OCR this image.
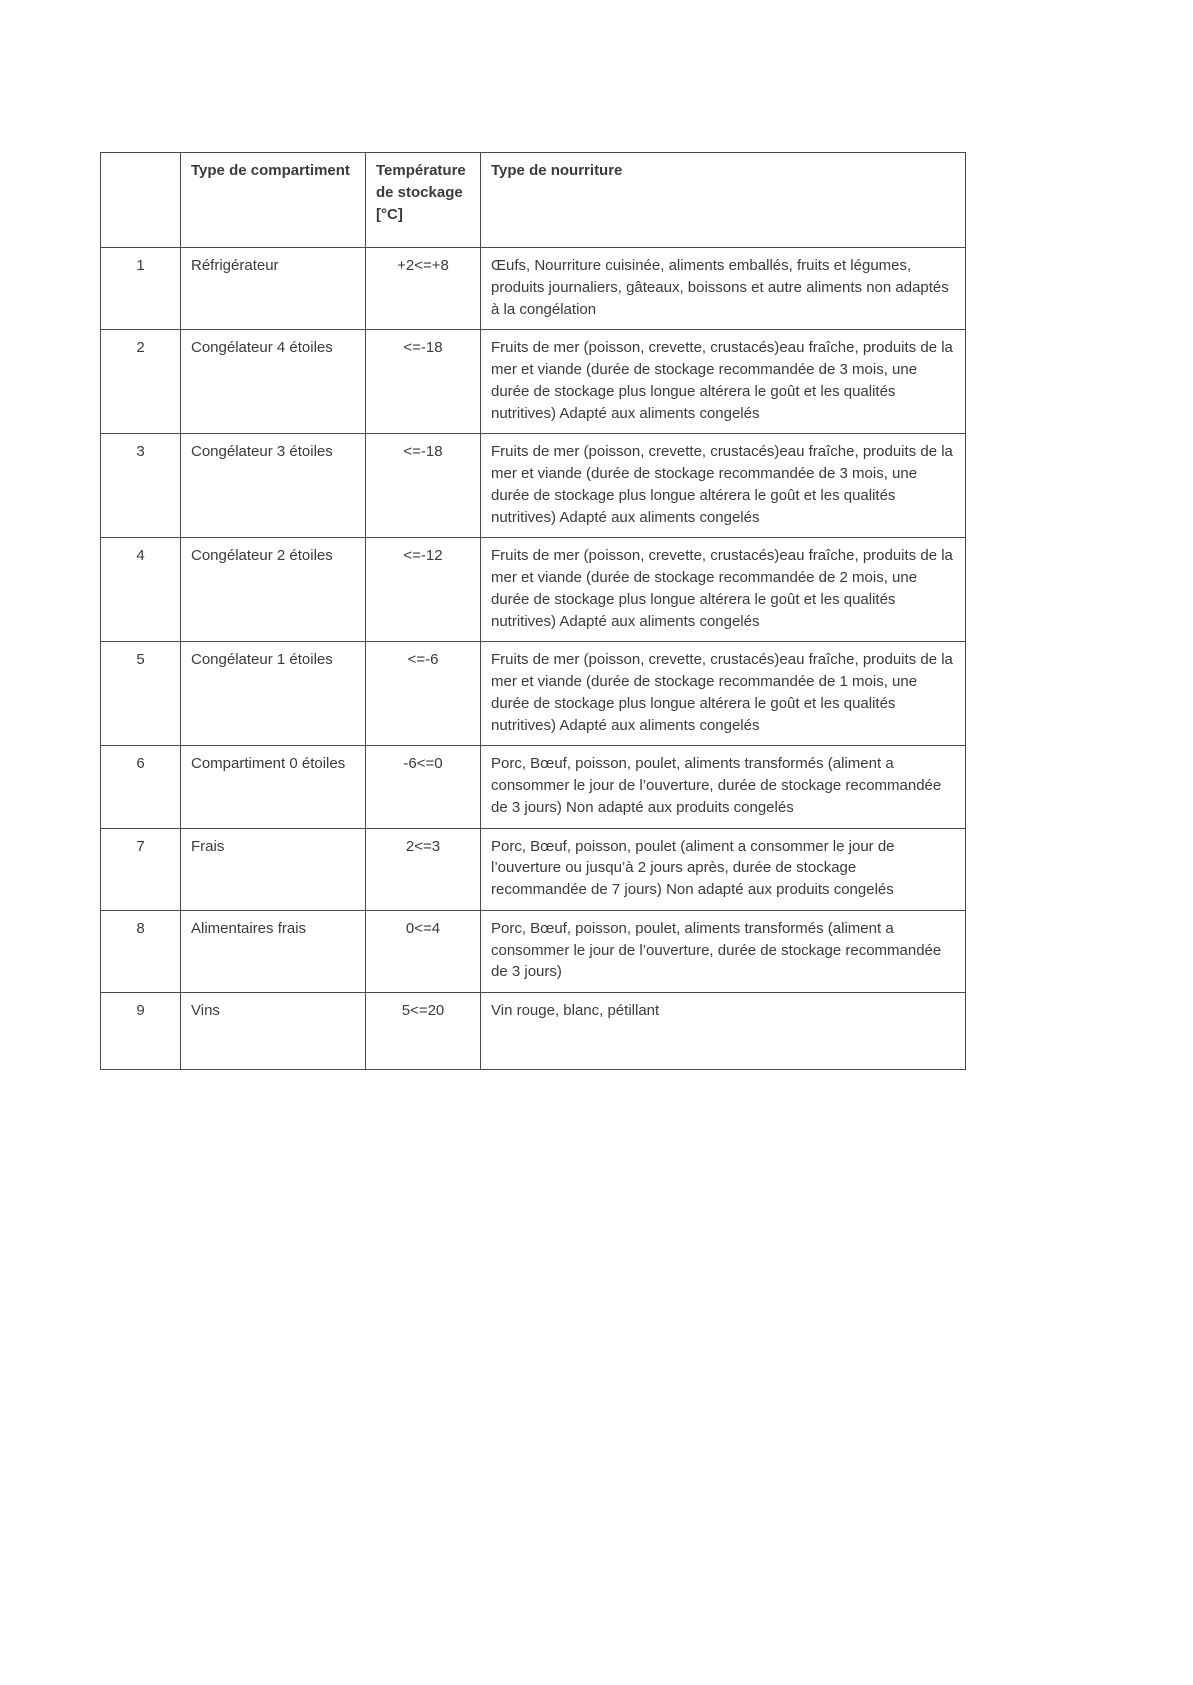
	Type de compartiment	Température de stockage [°C]	Type de nourriture
1	Réfrigérateur	+2<=+8	Œufs, Nourriture cuisinée, aliments emballés, fruits et légumes, produits journaliers, gâteaux, boissons et autre aliments non adaptés à la congélation
2	Congélateur 4 étoiles	<=-18	Fruits de mer (poisson, crevette, crustacés)eau fraîche, produits de la mer et viande (durée de stockage recommandée de 3 mois, une durée de stockage plus longue altérera le goût et les qualités nutritives) Adapté aux aliments congelés
3	Congélateur 3 étoiles	<=-18	Fruits de mer (poisson, crevette, crustacés)eau fraîche, produits de la mer et viande (durée de stockage recommandée de 3 mois, une durée de stockage plus longue altérera le goût et les qualités nutritives) Adapté aux aliments congelés
4	Congélateur 2 étoiles	<=-12	Fruits de mer (poisson, crevette, crustacés)eau fraîche, produits de la mer et viande (durée de stockage recommandée de 2 mois, une durée de stockage plus longue altérera le goût et les qualités nutritives) Adapté aux aliments congelés
5	Congélateur 1 étoiles	<=-6	Fruits de mer (poisson, crevette, crustacés)eau fraîche, produits de la mer et viande (durée de stockage recommandée de 1 mois, une durée de stockage plus longue altérera le goût et les qualités nutritives) Adapté aux aliments congelés
6	Compartiment 0 étoiles	-6<=0	Porc, Bœuf, poisson, poulet, aliments transformés (aliment a consommer le jour de l’ouverture, durée de stockage recommandée de 3 jours) Non adapté aux produits congelés
7	Frais	2<=3	Porc, Bœuf, poisson, poulet (aliment a consommer le jour de l’ouverture ou jusqu’à 2 jours après, durée de stockage recommandée de 7 jours) Non adapté aux produits congelés
8	Alimentaires frais	0<=4	Porc, Bœuf, poisson, poulet, aliments transformés (aliment a consommer le jour de l’ouverture, durée de stockage recommandée de 3 jours)
9	Vins	5<=20	Vin rouge, blanc, pétillant
